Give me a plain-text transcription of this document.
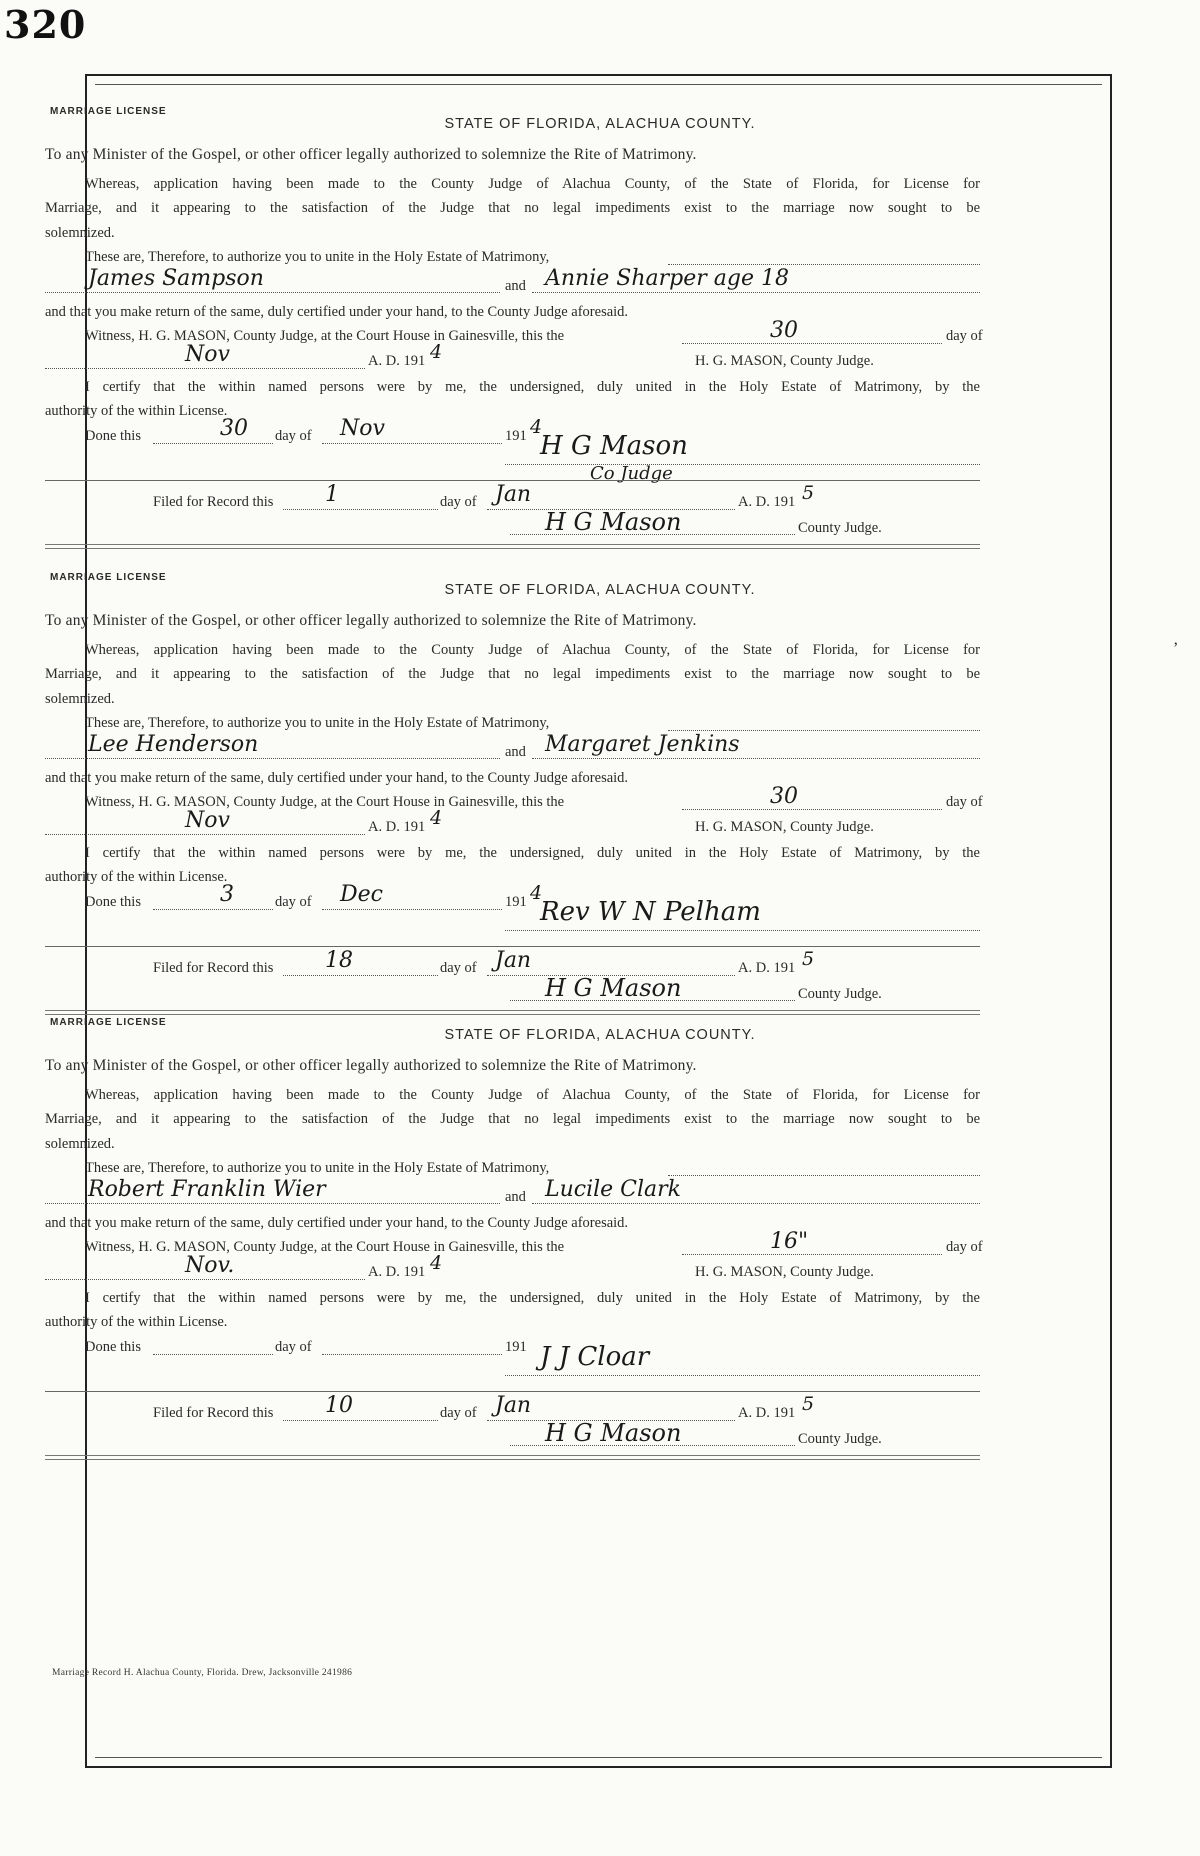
320
MARRIAGE LICENSE
STATE OF FLORIDA, ALACHUA COUNTY.
To any Minister of the Gospel, or other officer legally authorized to solemnize the Rite of Matrimony.
Whereas, application having been made to the County Judge of Alachua County, of the State of Florida, for License for
Marriage, and it appearing to the satisfaction of the Judge that no legal impediments exist to the marriage now sought to be
solemnized.
These are, Therefore, to authorize you to unite in the Holy Estate of Matrimony,
James Sampson	and Annie Sharper age 18
and that you make return of the same, duly certified under your hand, to the County Judge aforesaid.
Witness, H. G. MASON, County Judge, at the Court House in Gainesville, this the	30	day of
Nov	A. D. 191 4	H. G. MASON, County Judge.
I certify that the within named persons were by me, the undersigned, duly united in the Holy Estate of Matrimony, by the
authority of the within License.
Done this	30 day of Nov	191 4
H G Mason
Co Judge
Filed for Record this 1	day of Jan	A. D. 191 5
H G Mason	County Judge.
MARRIAGE LICENSE
STATE OF FLORIDA, ALACHUA COUNTY.
To any Minister of the Gospel, or other officer legally authorized to solemnize the Rite of Matrimony.
Whereas, application having been made to the County Judge of Alachua County, of the State of Florida, for License for
Marriage, and it appearing to the satisfaction of the Judge that no legal impediments exist to the marriage now sought to be
solemnized.
These are, Therefore, to authorize you to unite in the Holy Estate of Matrimony,
Lee Henderson	and Margaret Jenkins
and that you make return of the same, duly certified under your hand, to the County Judge aforesaid.
Witness, H. G. MASON, County Judge, at the Court House in Gainesville, this the	30	day of
Nov	A. D. 191 4	H. G. MASON, County Judge.
I certify that the within named persons were by me, the undersigned, duly united in the Holy Estate of Matrimony, by the
authority of the within License.
Done this	3	day of Dec	191 4
Rev W N Pelham
Filed for Record this 18	day of Jan	A. D. 191 5
H G Mason	County Judge.
MARRIAGE LICENSE
STATE OF FLORIDA, ALACHUA COUNTY.
To any Minister of the Gospel, or other officer legally authorized to solemnize the Rite of Matrimony.
Whereas, application having been made to the County Judge of Alachua County, of the State of Florida, for License for
Marriage, and it appearing to the satisfaction of the Judge that no legal impediments exist to the marriage now sought to be
solemnized.
These are, Therefore, to authorize you to unite in the Holy Estate of Matrimony,
Robert Franklin Wier	and Lucile Clark
and that you make return of the same, duly certified under your hand, to the County Judge aforesaid.
Witness, H. G. MASON, County Judge, at the Court House in Gainesville, this the	16"	day of
Nov.	A. D. 191 4	H. G. MASON, County Judge.
I certify that the within named persons were by me, the undersigned, duly united in the Holy Estate of Matrimony, by the
authority of the within License.
Done this	day of	191 J J Cloar
Filed for Record this 10	day of Jan	A. D. 191 5
H G Mason	County Judge.
Marriage Record H. Alachua County, Florida. Drew, Jacksonville 241986
ʼ
